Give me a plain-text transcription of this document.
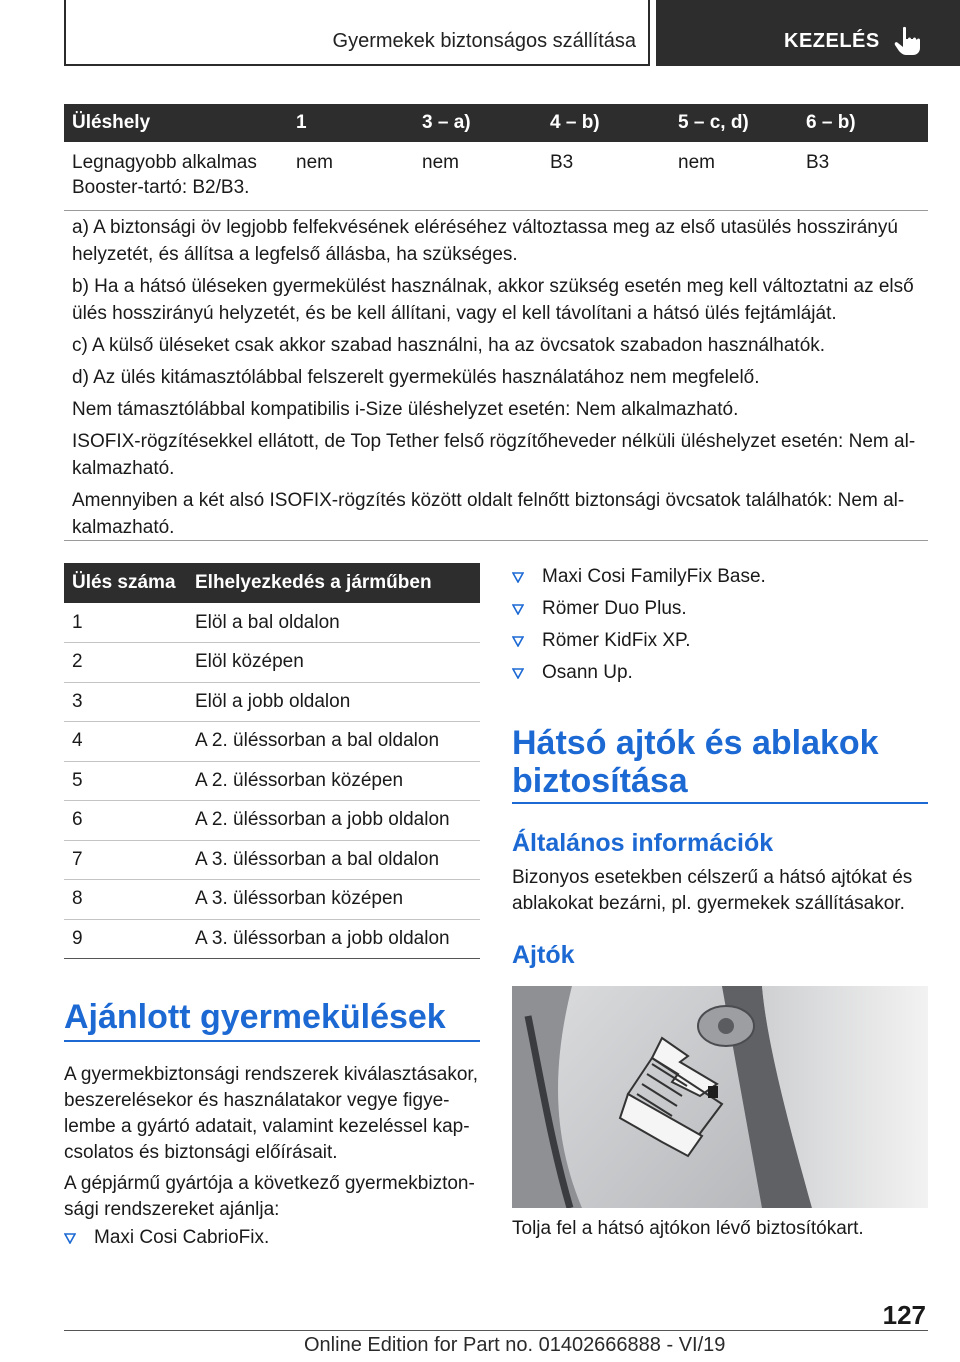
Gyermekek biztonságos szállítása	KEZELÉS
Üléshely	1	3 – a)	4 – b)	5 – c, d)	6 – b)
Legnagyobb alkalmas Booster-tartó: B2/B3.	nem	nem	B3	nem	B3

a) A biztonsági öv legjobb felfekvésének eléréséhez változtassa meg az első utasülés hosszirányú helyzetét, és állítsa a legfelső állásba, ha szükséges.

b) Ha a hátsó üléseken gyermekülést használnak, akkor szükség esetén meg kell változtatni az első ülés hosszirányú helyzetét, és be kell állítani, vagy el kell távolítani a hátsó ülés fejtámláját.

c) A külső üléseket csak akkor szabad használni, ha az övcsatok szabadon használhatók.

d) Az ülés kitámasztólábbal felszerelt gyermekülés használatához nem megfelelő.

Nem támasztólábbal kompatibilis i-Size üléshelyzet esetén: Nem alkalmazható.

ISOFIX-rögzítésekkel ellátott, de Top Tether felső rögzítőheveder nélküli üléshelyzet esetén: Nem alkalmazható.

Amennyiben a két alsó ISOFIX-rögzítés között oldalt felnőtt biztonsági övcsatok találhatók: Nem alkalmazható.

Ülés száma	Elhelyezkedés a járműben
1	Elöl a bal oldalon
2	Elöl középen
3	Elöl a jobb oldalon
4	A 2. üléssorban a bal oldalon
5	A 2. üléssorban középen
6	A 2. üléssorban a jobb oldalon
7	A 3. üléssorban a bal oldalon
8	A 3. üléssorban középen
9	A 3. üléssorban a jobb oldalon
Ajánlott gyermekülések

A gyermekbiztonsági rendszerek kiválasztásakor, beszerelésekor és használatakor vegye figyelembe a gyártó adatait, valamint kezeléssel kapcsolatos és biztonsági előírásait.

A gépjármű gyártója a következő gyermekbiztonsági rendszereket ajánlja:

Maxi Cosi CabrioFix.
Maxi Cosi FamilyFix Base.
Römer Duo Plus.
Römer KidFix XP.
Osann Up.
Hátsó ajtók és ablakok biztosítása
Általános információk
Bizonyos esetekben célszerű a hátsó ajtókat és ablakokat bezárni, pl. gyermekek szállításakor.
Ajtók
Tolja fel a hátsó ajtókon lévő biztosítókart.
127
Online Edition for Part no. 01402666888 - VI/19
